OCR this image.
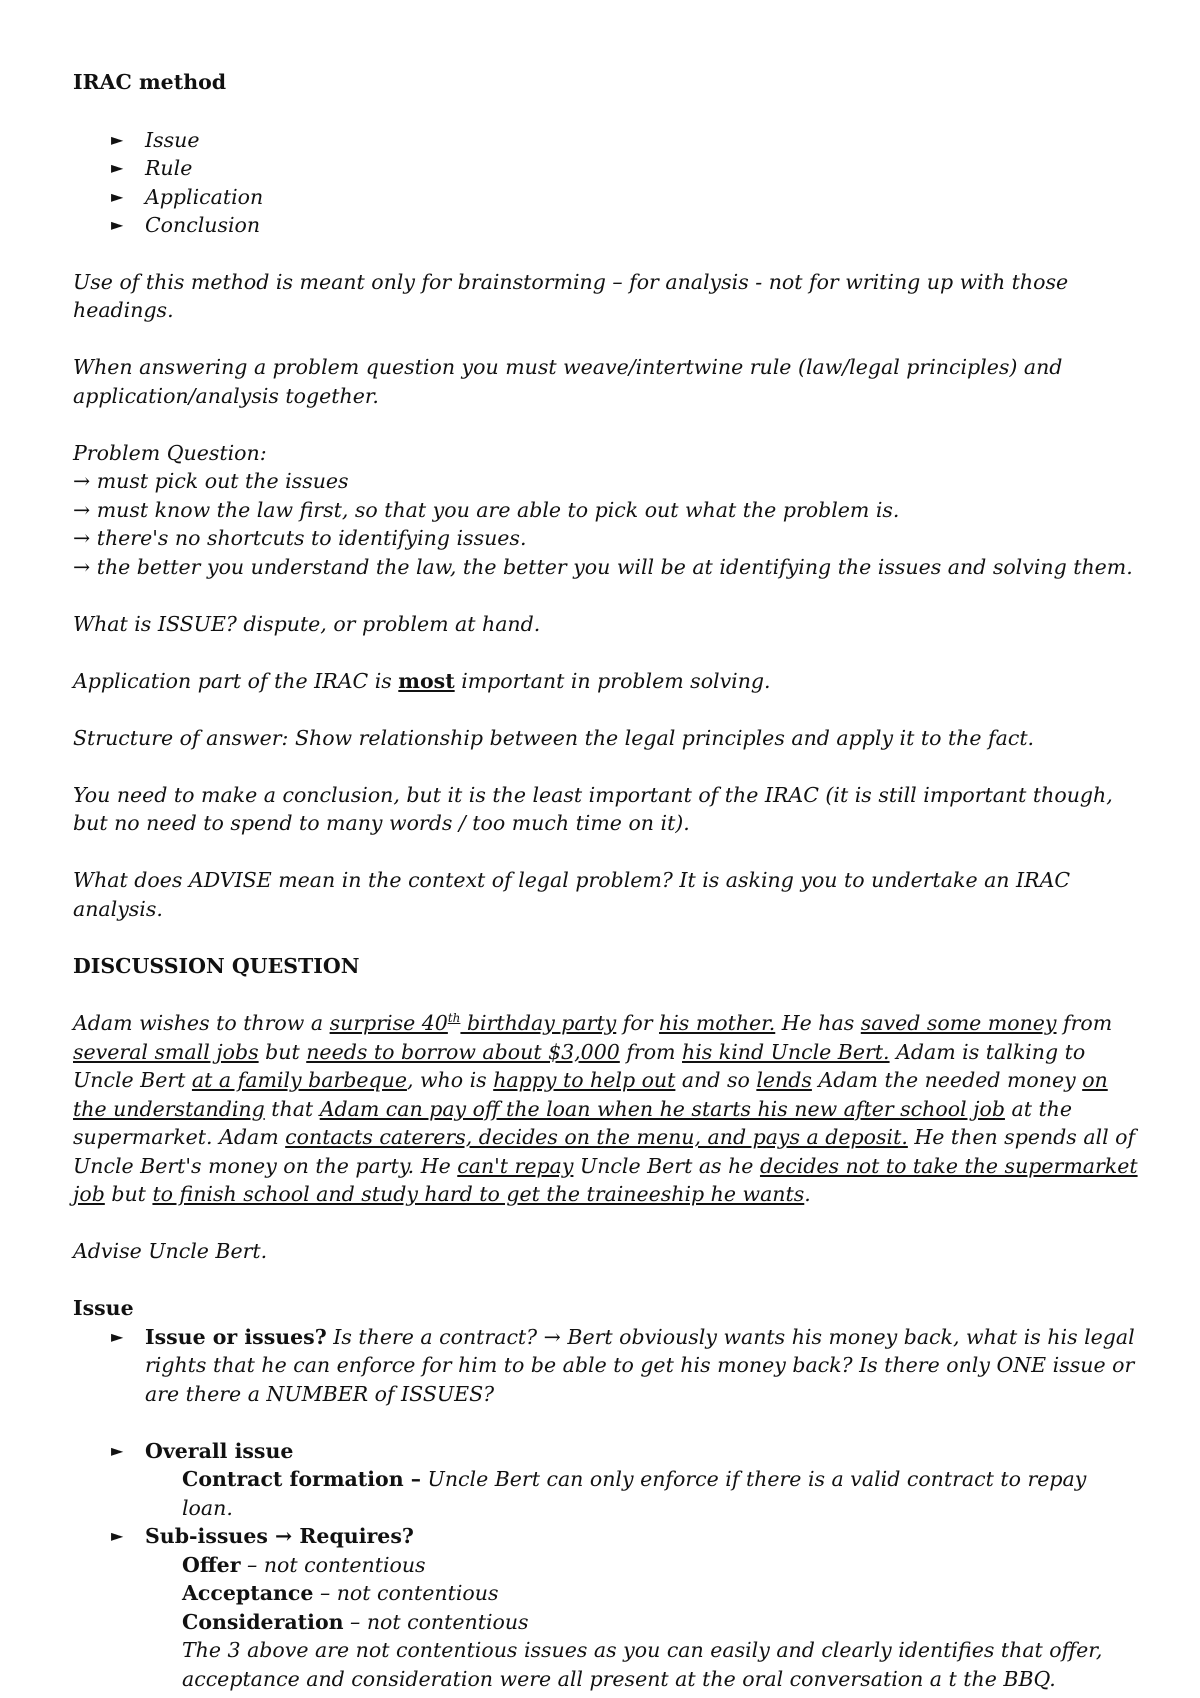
IRAC method

► Issue
► Rule
► Application
► Conclusion

Use of this method is meant only for brainstorming – for analysis - not for writing up with those headings.

When answering a problem question you must weave/intertwine rule (law/legal principles) and application/analysis together.

Problem Question:

→ must pick out the issues

→ must know the law first, so that you are able to pick out what the problem is.

→ there's no shortcuts to identifying issues.

→ the better you understand the law, the better you will be at identifying the issues and solving them.

What is ISSUE? dispute, or problem at hand.

Application part of the IRAC is most important in problem solving.

Structure of answer: Show relationship between the legal principles and apply it to the fact.

You need to make a conclusion, but it is the least important of the IRAC (it is still important though, but no need to spend to many words / too much time on it).

What does ADVISE mean in the context of legal problem? It is asking you to undertake an IRAC analysis.

DISCUSSION QUESTION

Adam wishes to throw a surprise 40th birthday party for his mother. He has saved some money from several small jobs but needs to borrow about $3,000 from his kind Uncle Bert. Adam is talking to Uncle Bert at a family barbeque, who is happy to help out and so lends Adam the needed money on the understanding that Adam can pay off the loan when he starts his new after school job at the supermarket. Adam contacts caterers, decides on the menu, and pays a deposit. He then spends all of Uncle Bert's money on the party. He can't repay Uncle Bert as he decides not to take the supermarket job but to finish school and study hard to get the traineeship he wants.

Advise Uncle Bert.

Issue

► Issue or issues? Is there a contract? → Bert obviously wants his money back, what is his legal rights that he can enforce for him to be able to get his money back? Is there only ONE issue or are there a NUMBER of ISSUES?
► Overall issue

Contract formation – Uncle Bert can only enforce if there is a valid contract to repay loan.

► Sub-issues → Requires?

Offer – not contentious

Acceptance – not contentious

Consideration – not contentious

The 3 above are not contentious issues as you can easily and clearly identifies that offer, acceptance and consideration were all present at the oral conversation a t the BBQ.
